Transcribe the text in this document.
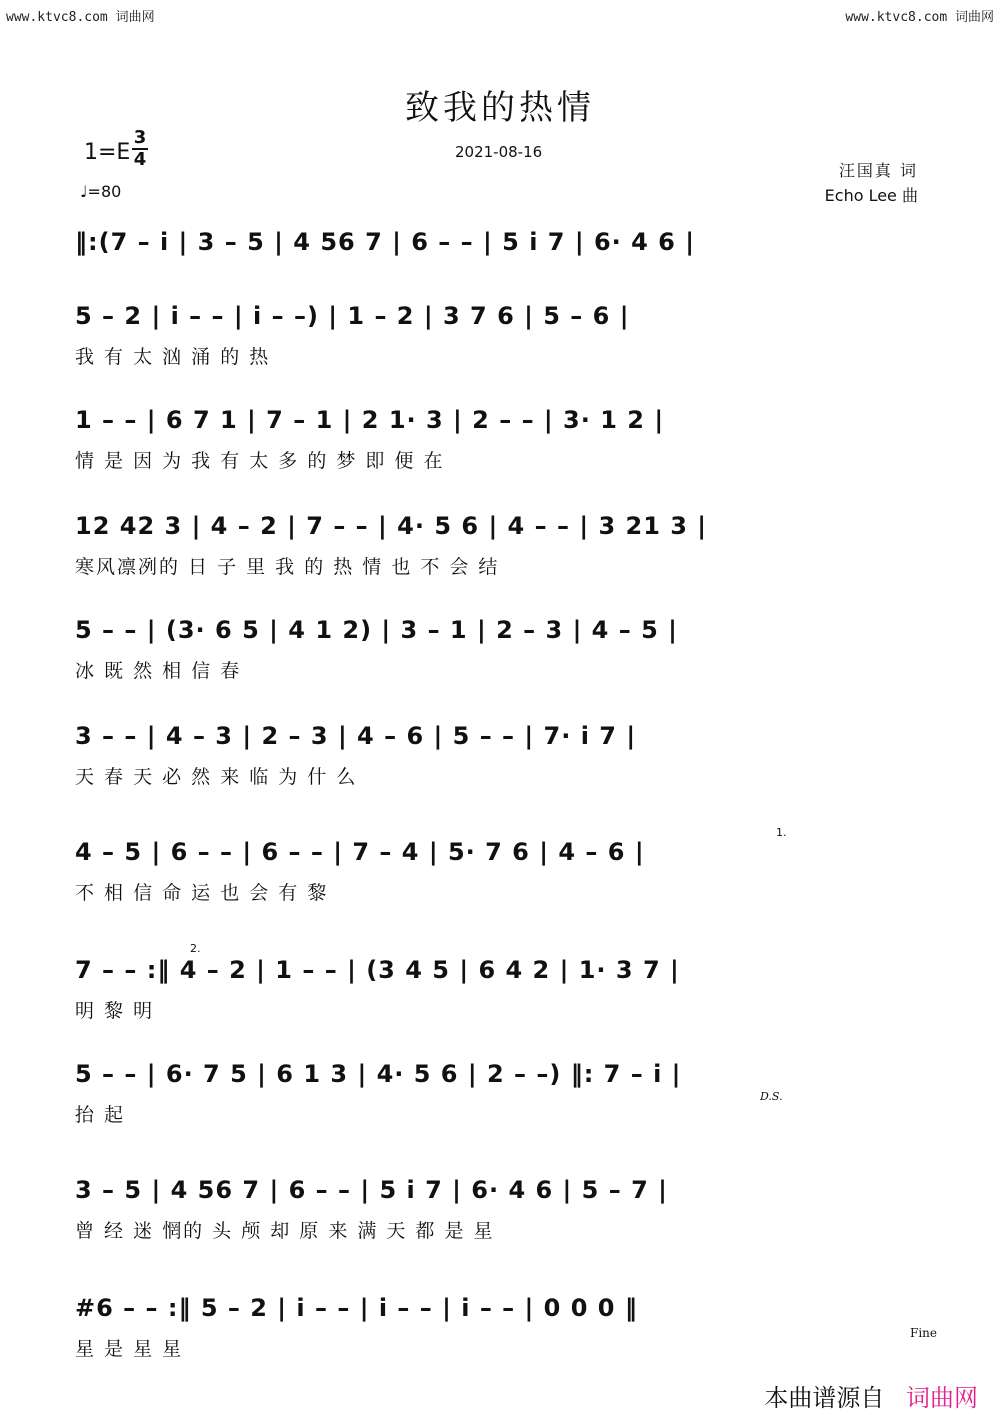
www.ktvc8.com 词曲网	www.ktvc8.com 词曲网
致我的热情
1=E
3
4
♩=80
2021-08-16
汪国真 词
Echo Lee 曲
‖:(7 – i | 3 – 5 | 4 56 7 | 6 – – | 5 i 7 | 6· 4 6 |
5 – 2 | i – – | i – –) | 1 – 2 | 3 7 6 | 5 – 6 |
我 有 太 汹 涌 的 热
1 – – | 6 7 1 | 7 – 1 | 2 1· 3 | 2 – – | 3· 1 2 |
情 是 因 为 我 有 太 多 的 梦 即 便 在
12 42 3 | 4 – 2 | 7 – – | 4· 5 6 | 4 – – | 3 21 3 |
寒风凛冽的 日 子 里 我 的 热 情 也 不 会 结
5 – – | (3· 6 5 | 4 1 2) | 3 – 1 | 2 – 3 | 4 – 5 |
冰 既 然 相 信 春
3 – – | 4 – 3 | 2 – 3 | 4 – 6 | 5 – – | 7· i 7 |
天 春 天 必 然 来 临 为 什 么
4 – 5 | 6 – – | 6 – – | 7 – 4 | 5· 7 6 | 4 – 6 |
不 相 信 命 运 也 会 有 黎
7 – – :‖ 4 – 2 | 1 – – | (3 4 5 | 6 4 2 | 1· 3 7 |
明 黎 明
5 – – | 6· 7 5 | 6 1 3 | 4· 5 6 | 2 – –) ‖: 7 – i |
抬 起
3 – 5 | 4 56 7 | 6 – – | 5 i 7 | 6· 4 6 | 5 – 7 |
曾 经 迷 惘的 头 颅 却 原 来 满 天 都 是 星
#6 – – :‖ 5 – 2 | i – – | i – – | i – – | 0 0 0 ‖
星 是 星 星
D.S.
Fine
1.
2.
本曲谱源自 词曲网
